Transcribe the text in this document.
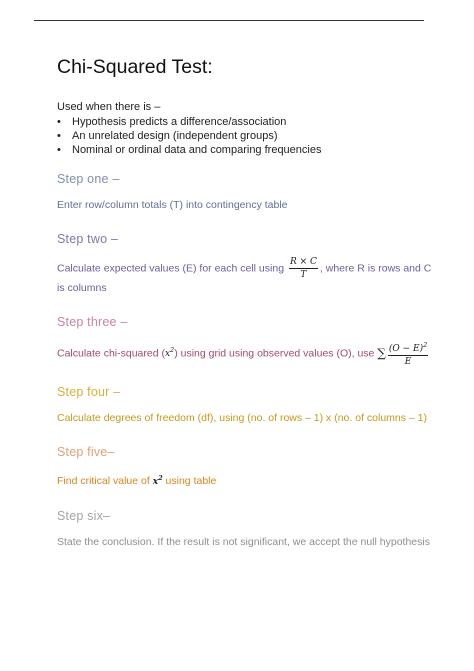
Chi-Squared Test:

Used when there is –

• Hypothesis predicts a difference/association
• An unrelated design (independent groups)
• Nominal or ordinal data and comparing frequencies
Step one –
Enter row/column totals (T) into contingency table
Step two –
Calculate expected values (E) for each cell using $\frac{R \times C}{T}$ , where R is rows and C is columns
Step three –
Calculate chi-squared $(x^2)$ using grid using observed values (O), use ∑ $\frac{(O - E)^2}{E}$
Step four –
Calculate degrees of freedom (df), using (no. of rows – 1) x (no. of columns – 1)
Step five–
Find critical value of $x^2$ using table
Step six–
State the conclusion. If the result is not significant, we accept the null hypothesis
